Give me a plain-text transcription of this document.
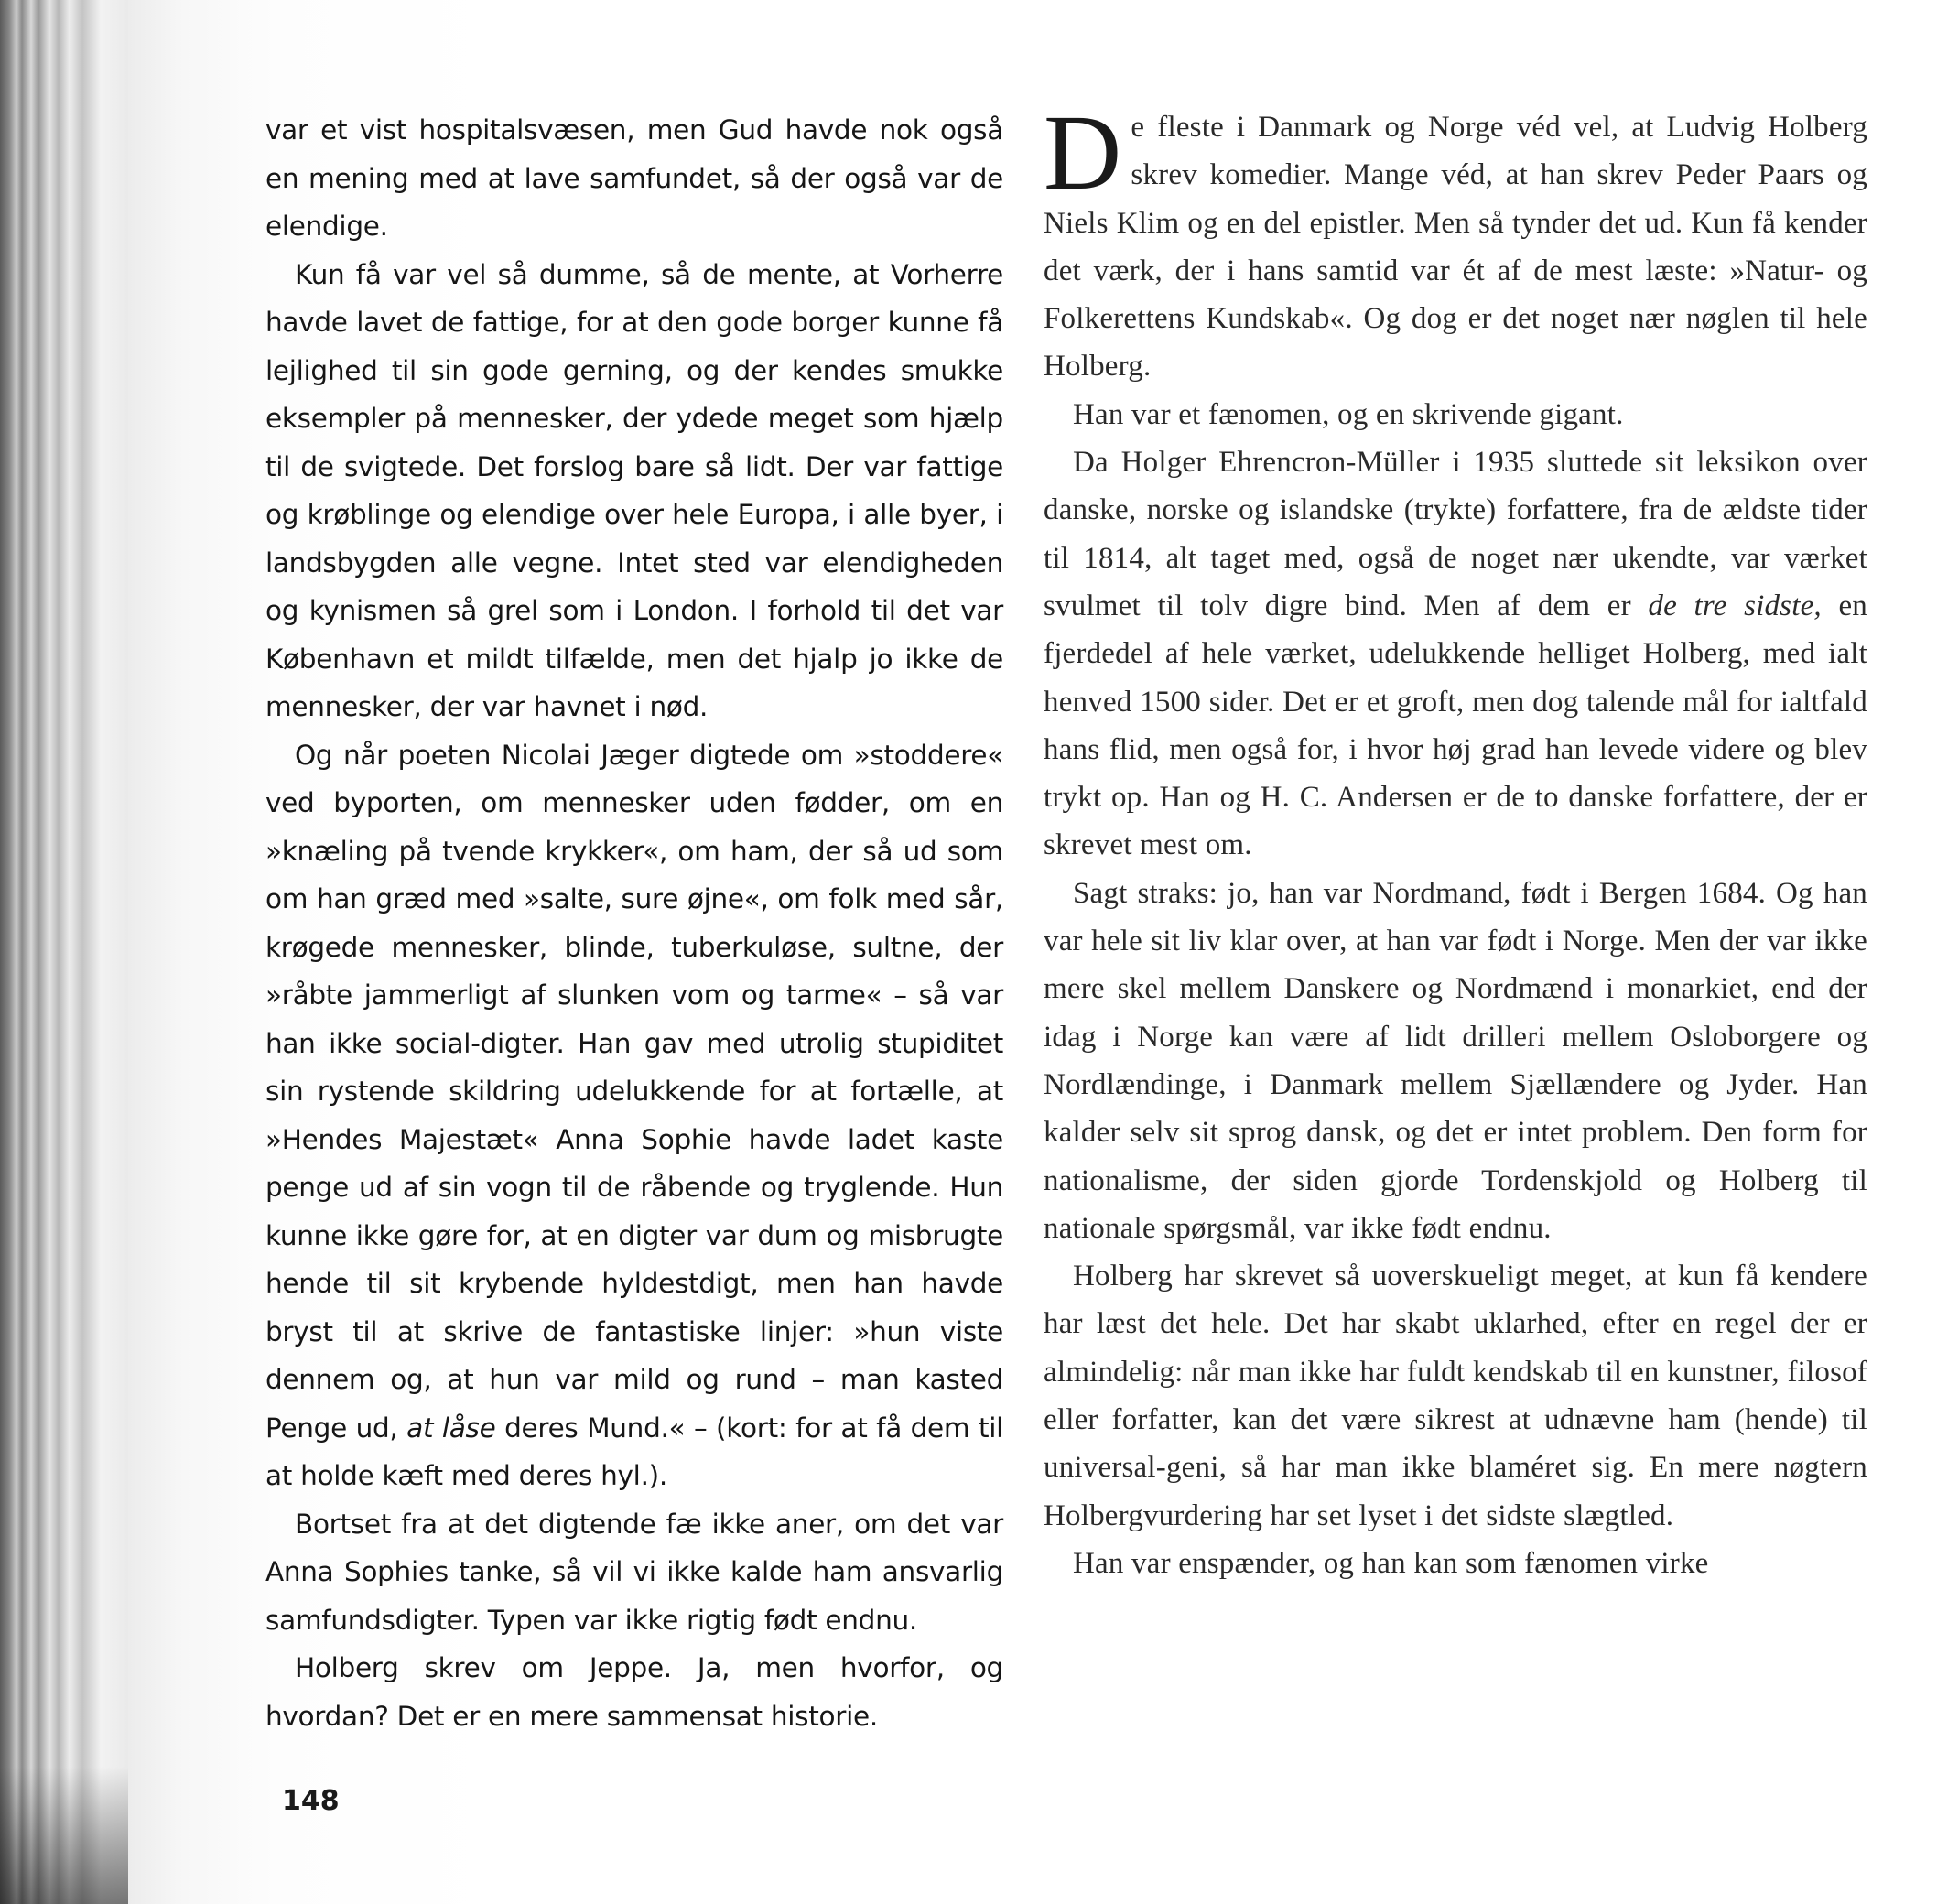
var et vist hospitalsvæsen, men Gud havde nok også en mening med at lave samfundet, så der også var de elendige.

Kun få var vel så dumme, så de mente, at Vorherre havde lavet de fattige, for at den gode borger kunne få lejlighed til sin gode gerning, og der kendes smukke eksempler på mennesker, der ydede meget som hjælp til de svigtede. Det forslog bare så lidt. Der var fattige og krøblinge og elendige over hele Europa, i alle byer, i landsbygden alle vegne. Intet sted var elendigheden og kynismen så grel som i London. I forhold til det var København et mildt tilfælde, men det hjalp jo ikke de mennesker, der var havnet i nød.

Og når poeten Nicolai Jæger digtede om »stoddere« ved byporten, om mennesker uden fødder, om en »knæling på tvende krykker«, om ham, der så ud som om han græd med »salte, sure øjne«, om folk med sår, krøgede mennesker, blinde, tuberkuløse, sultne, der »råbte jammerligt af slunken vom og tarme« – så var han ikke social-digter. Han gav med utrolig stupiditet sin rystende skildring udelukkende for at fortælle, at »Hendes Majestæt« Anna Sophie havde ladet kaste penge ud af sin vogn til de råbende og tryglende. Hun kunne ikke gøre for, at en digter var dum og misbrugte hende til sit krybende hyldestdigt, men han havde bryst til at skrive de fantastiske linjer: »hun viste dennem og, at hun var mild og rund – man kasted Penge ud, at låse deres Mund.« – (kort: for at få dem til at holde kæft med deres hyl.).

Bortset fra at det digtende fæ ikke aner, om det var Anna Sophies tanke, så vil vi ikke kalde ham ansvarlig samfundsdigter. Typen var ikke rigtig født endnu.

Holberg skrev om Jeppe. Ja, men hvorfor, og hvordan? Det er en mere sammensat historie.

De fleste i Danmark og Norge véd vel, at Ludvig Holberg skrev komedier. Mange véd, at han skrev Peder Paars og Niels Klim og en del epistler. Men så tynder det ud. Kun få kender det værk, der i hans samtid var ét af de mest læste: »Natur- og Folkerettens Kundskab«. Og dog er det noget nær nøglen til hele Holberg.

Han var et fænomen, og en skrivende gigant.

Da Holger Ehrencron-Müller i 1935 sluttede sit leksikon over danske, norske og islandske (trykte) forfattere, fra de ældste tider til 1814, alt taget med, også de noget nær ukendte, var værket svulmet til tolv digre bind. Men af dem er de tre sidste, en fjerdedel af hele værket, udelukkende helliget Holberg, med ialt henved 1500 sider. Det er et groft, men dog talende mål for ialtfald hans flid, men også for, i hvor høj grad han levede videre og blev trykt op. Han og H. C. Andersen er de to danske forfattere, der er skrevet mest om.

Sagt straks: jo, han var Nordmand, født i Bergen 1684. Og han var hele sit liv klar over, at han var født i Norge. Men der var ikke mere skel mellem Danskere og Nordmænd i monarkiet, end der idag i Norge kan være af lidt drilleri mellem Osloborgere og Nordlændinge, i Danmark mellem Sjællændere og Jyder. Han kalder selv sit sprog dansk, og det er intet problem. Den form for nationalisme, der siden gjorde Tordenskjold og Holberg til nationale spørgsmål, var ikke født endnu.

Holberg har skrevet så uoverskueligt meget, at kun få kendere har læst det hele. Det har skabt uklarhed, efter en regel der er almindelig: når man ikke har fuldt kendskab til en kunstner, filosof eller forfatter, kan det være sikrest at udnævne ham (hende) til universal-geni, så har man ikke blaméret sig. En mere nøgtern Holbergvurdering har set lyset i det sidste slægtled.

Han var enspænder, og han kan som fænomen virke

148
